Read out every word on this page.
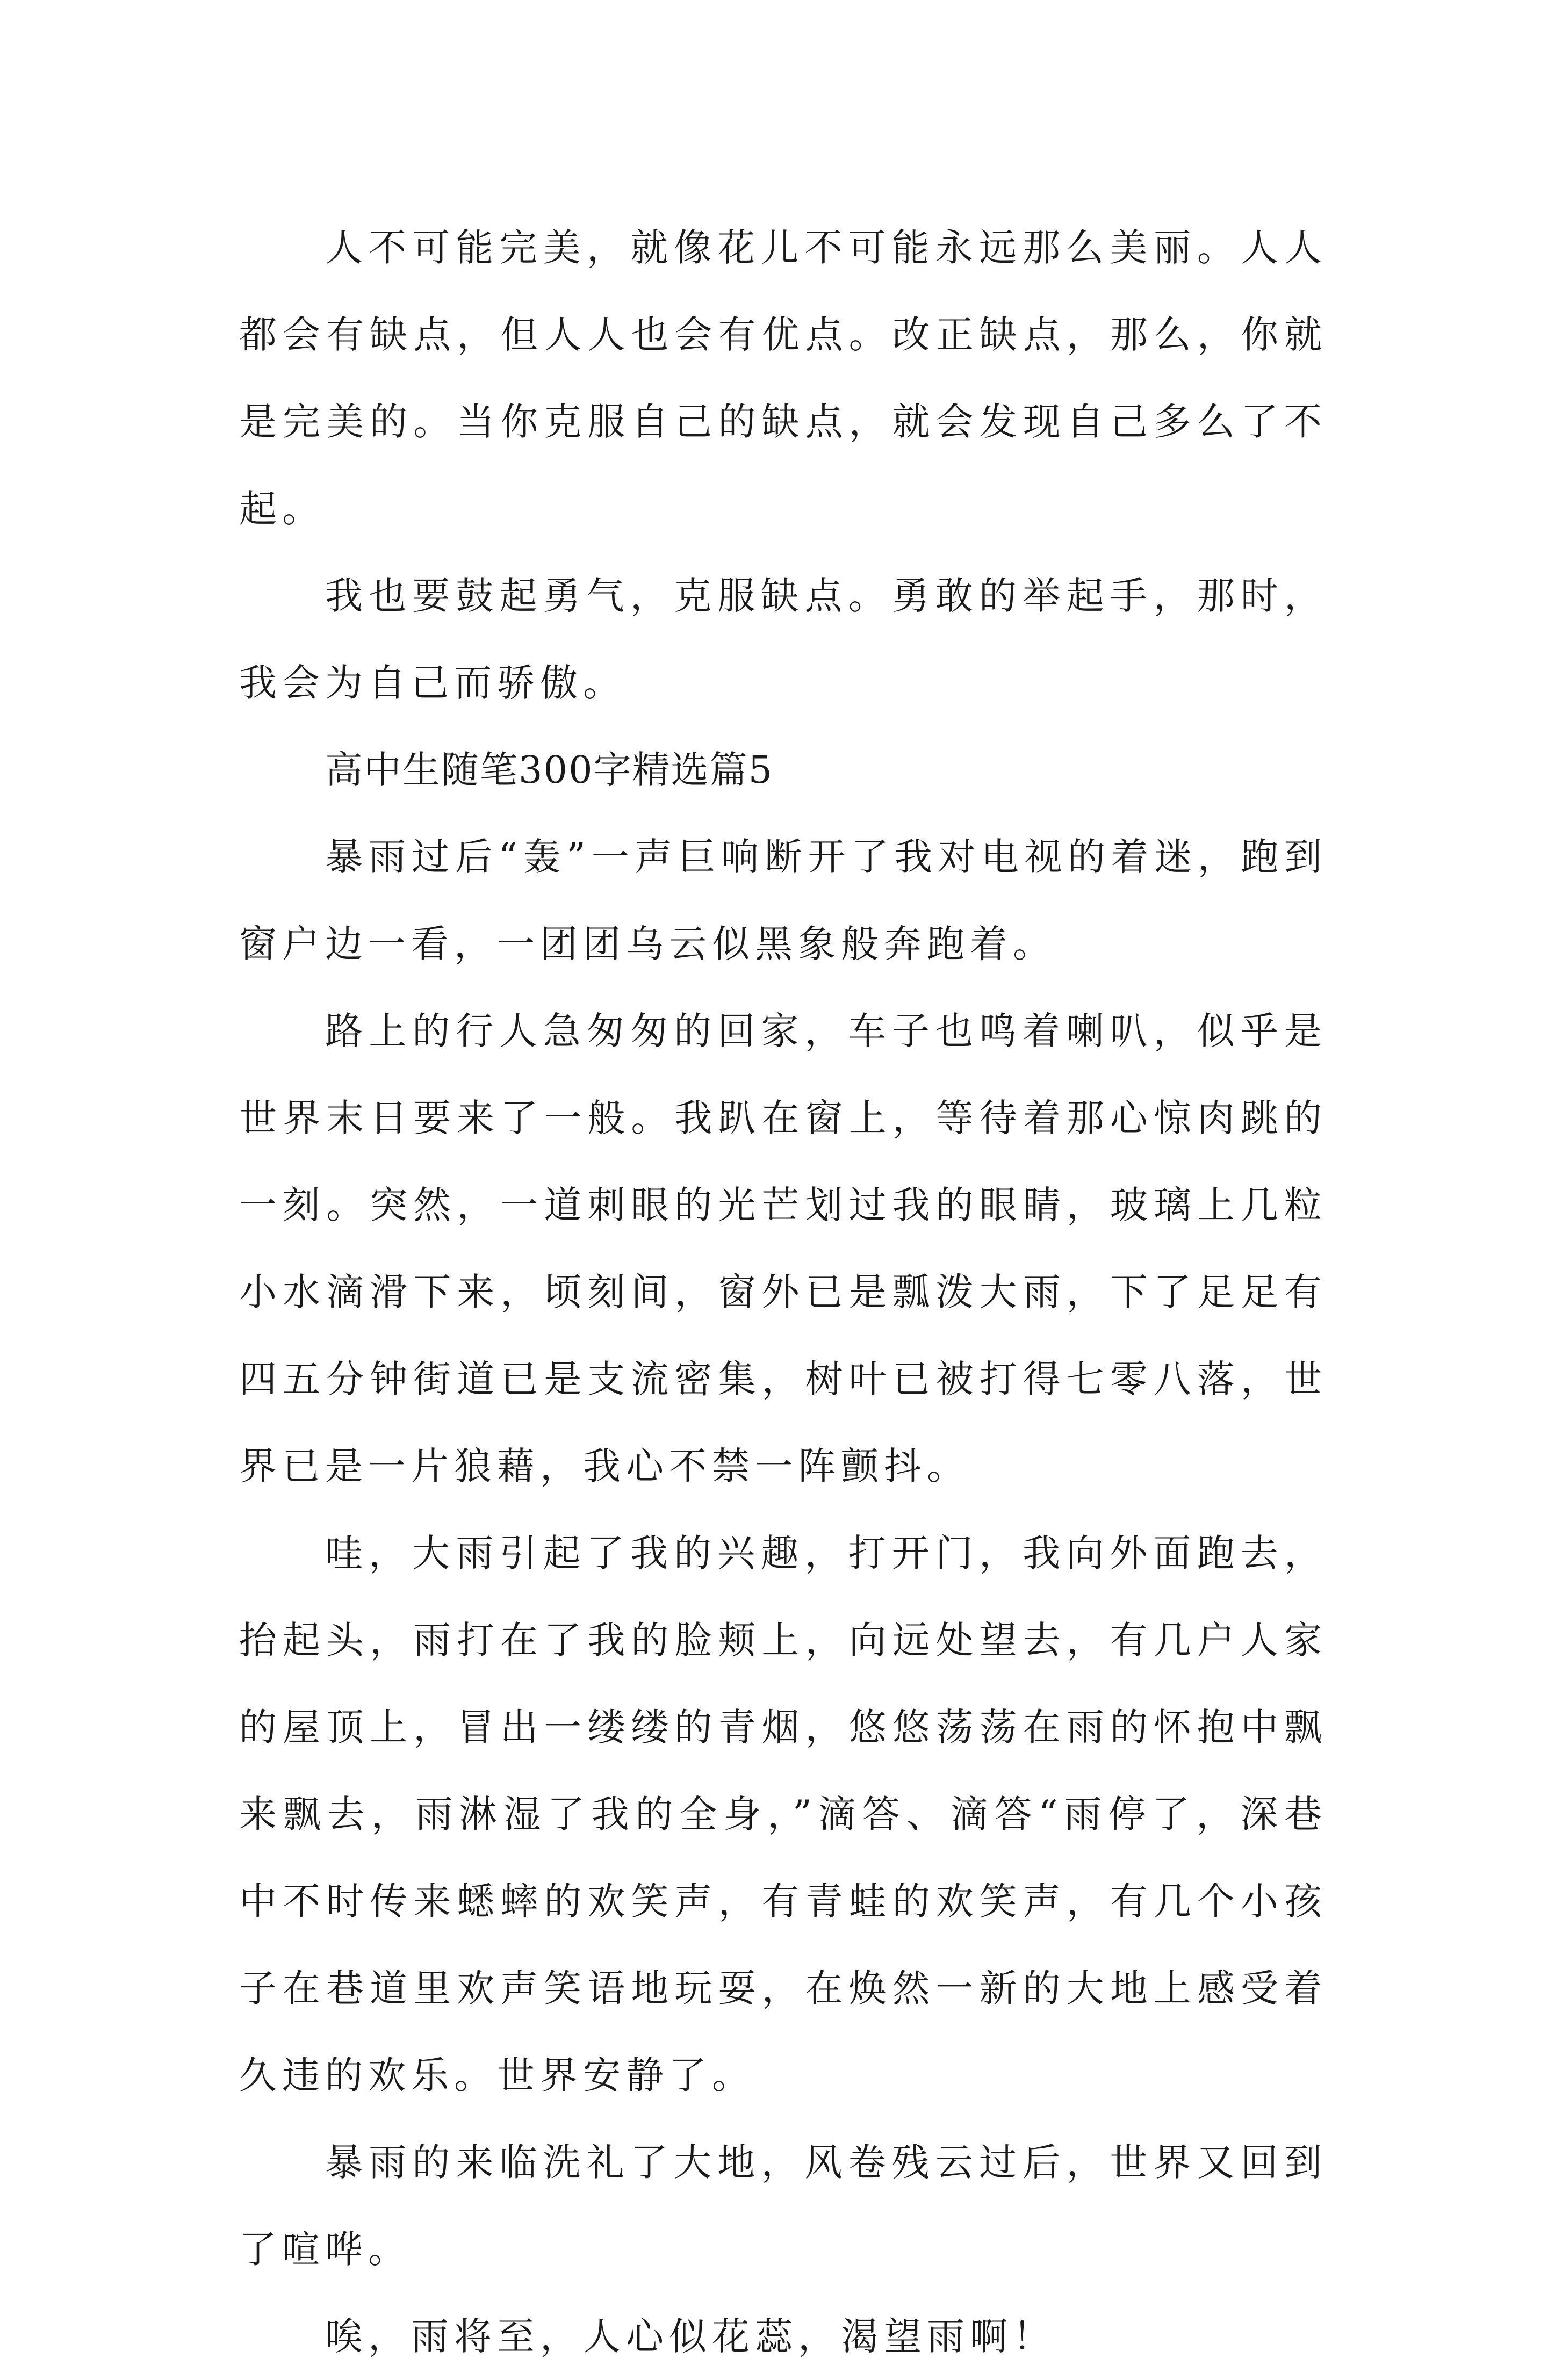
人不可能完美，就像花儿不可能永远那么美丽。人人都会有缺点，但人人也会有优点。改正缺点，那么，你就是完美的。当你克服自己的缺点，就会发现自己多么了不起。

我也要鼓起勇气，克服缺点。勇敢的举起手，那时，我会为自己而骄傲。

高中生随笔300字精选篇5

暴雨过后“轰”一声巨响断开了我对电视的着迷，跑到窗户边一看，一团团乌云似黑象般奔跑着。

路上的行人急匆匆的回家，车子也鸣着喇叭，似乎是世界末日要来了一般。我趴在窗上，等待着那心惊肉跳的一刻。突然，一道刺眼的光芒划过我的眼睛，玻璃上几粒小水滴滑下来，顷刻间，窗外已是瓢泼大雨，下了足足有四五分钟街道已是支流密集，树叶已被打得七零八落，世界已是一片狼藉，我心不禁一阵颤抖。

哇，大雨引起了我的兴趣，打开门，我向外面跑去，抬起头，雨打在了我的脸颊上，向远处望去，有几户人家的屋顶上，冒出一缕缕的青烟，悠悠荡荡在雨的怀抱中飘来飘去，雨淋湿了我的全身，”滴答、滴答“雨停了，深巷中不时传来蟋蟀的欢笑声，有青蛙的欢笑声，有几个小孩子在巷道里欢声笑语地玩耍，在焕然一新的大地上感受着久违的欢乐。世界安静了。

暴雨的来临洗礼了大地，风卷残云过后，世界又回到了喧哗。

唉，雨将至，人心似花蕊，渴望雨啊！
